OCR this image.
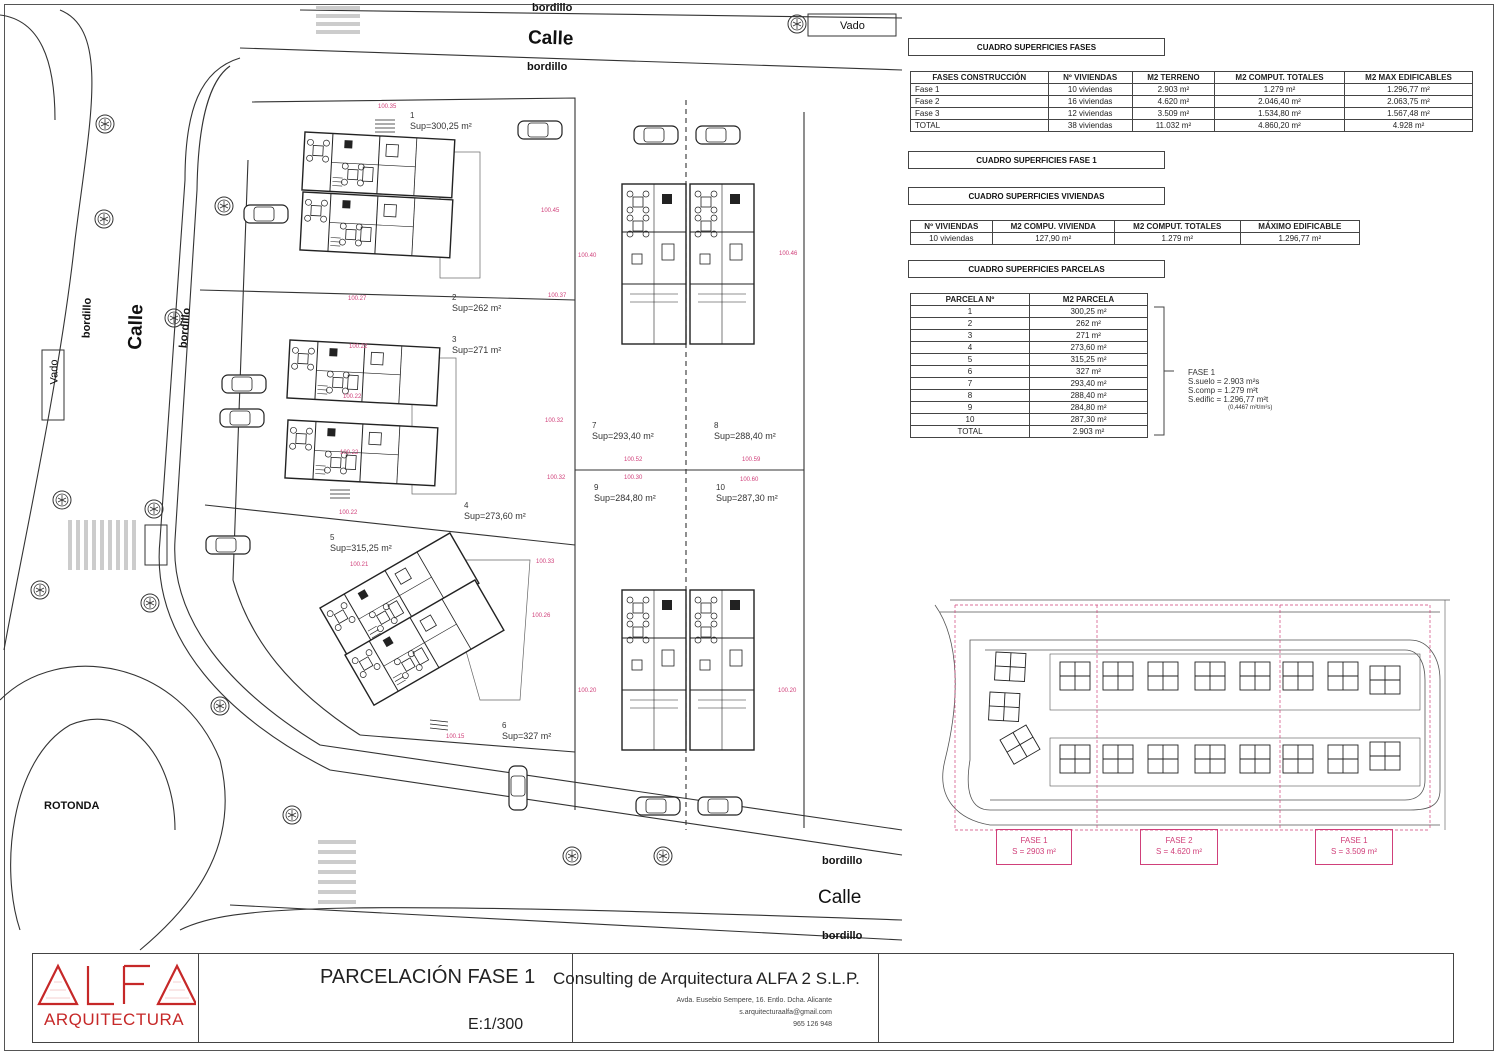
1
Sup=300,25 m²
100.35
2
Sup=262 m²
100.27
3
Sup=271 m²
100.22
4
Sup=273,60 m²
100.22
5
Sup=315,25 m²
100.21
6
Sup=327 m²
100.15
7
Sup=293,40 m²
100.52
8
Sup=288,40 m²
100.59
9
Sup=284,80 m²
100.30
10
Sup=287,30 m²
100.60
100.45
100.37
100.32
100.32
100.33
100.26
100.40	100.46
100.20	100.20
100.22
100.22
Calle
Calle
Calle
bordillo
bordillo
bordillo	bordillo
bordillo
bordillo
Vado
Vado
ROTONDA
CUADRO SUPERFICIES FASES
FASES CONSTRUCCIÓN	Nº VIVIENDAS	M2 TERRENO	M2 COMPUT. TOTALES	M2 MAX EDIFICABLES
Fase 1	10 viviendas	2.903 m²	1.279 m²	1.296,77 m²
Fase 2	16 viviendas	4.620 m²	2.046,40 m²	2.063,75 m²
Fase 3	12 viviendas	3.509 m²	1.534,80 m²	1.567,48 m²
TOTAL	38 viviendas	11.032 m²	4.860,20 m²	4.928 m²
CUADRO SUPERFICIES FASE 1
CUADRO SUPERFICIES VIVIENDAS
Nº VIVIENDAS	M2 COMPU. VIVIENDA	M2 COMPUT. TOTALES	MÁXIMO EDIFICABLE
10 viviendas	127,90 m²	1.279 m²	1.296,77 m²
CUADRO SUPERFICIES PARCELAS
PARCELA Nº	M2 PARCELA
1	300,25 m²
2	262 m²
3	271 m²
4	273,60 m²
5	315,25 m²
6	327 m²
7	293,40 m²
8	288,40 m²
9	284,80 m²
10	287,30 m²
TOTAL	2.903 m²
FASE 1
S.suelo = 2.903 m²s
S.comp = 1.279 m²t
S.edific = 1.296,77 m²t
(0,4467 m²t/m²s)
FASE 1
S = 2903 m²
FASE 2
S = 4.620 m²
FASE 1
S = 3.509 m²
ARQUITECTURA
PARCELACIÓN FASE 1
E:1/300
Consulting de Arquitectura ALFA 2 S.L.P.
Avda. Eusebio Sempere, 16. Entlo. Dcha. Alicante
s.arquitecturaalfa@gmail.com
965 126 948
